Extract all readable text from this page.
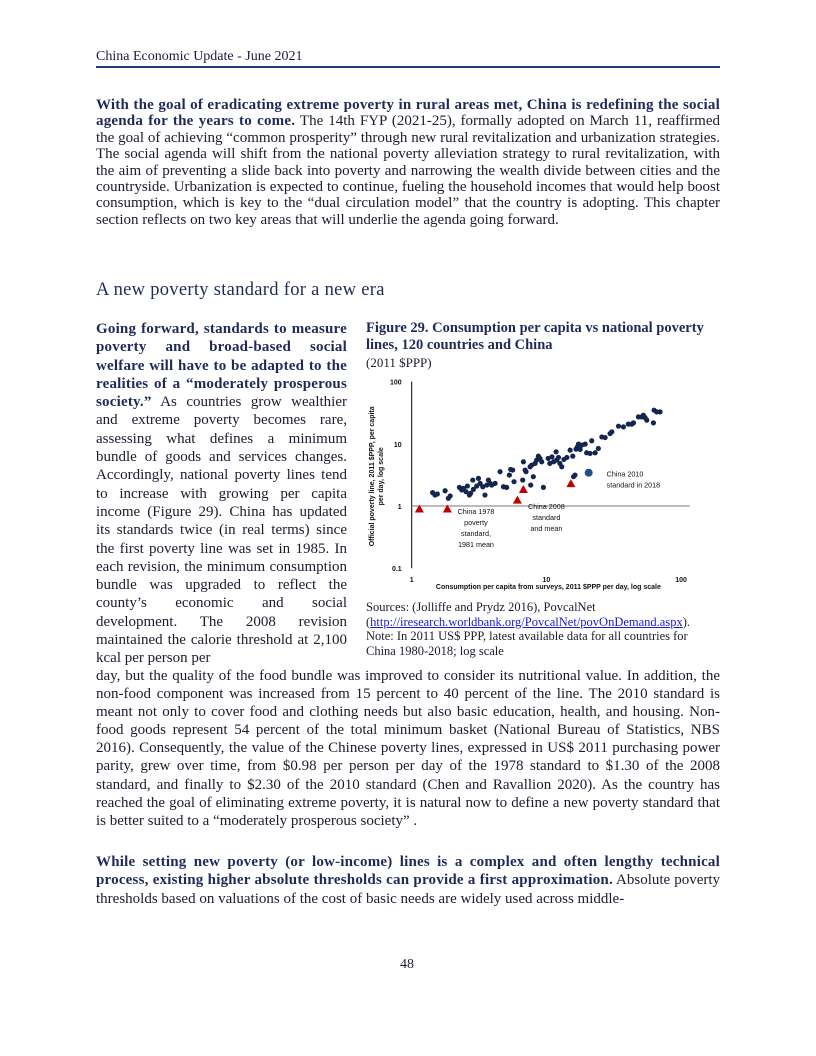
China Economic Update - June 2021
With the goal of eradicating extreme poverty in rural areas met, China is redefining the social agenda for the years to come. The 14th FYP (2021-25), formally adopted on March 11, reaffirmed the goal of achieving “common prosperity” through new rural revitalization and urbanization strategies. The social agenda will shift from the national poverty alleviation strategy to rural revitalization, with the aim of preventing a slide back into poverty and narrowing the wealth divide between cities and the countryside. Urbanization is expected to continue, fueling the household incomes that would help boost consumption, which is key to the “dual circulation model” that the country is adopting. This chapter section reflects on two key areas that will underlie the agenda going forward.
A new poverty standard for a new era
Going forward, standards to measure poverty and broad-based social welfare will have to be adapted to the realities of a “moderately prosperous society.” As countries grow wealthier and extreme poverty becomes rare, assessing what defines a minimum bundle of goods and services changes. Accordingly, national poverty lines tend to increase with growing per capita income (Figure 29). China has updated its standards twice (in real terms) since the first poverty line was set in 1985. In each revision, the minimum consumption bundle was upgraded to reflect the county’s economic and social development. The 2008 revision maintained the calorie threshold at 2,100 kcal per person per
Figure 29. Consumption per capita vs national poverty lines, 120 countries and China
(2011 $PPP)
0.1
1
10
100
1	10	100
Consumption per capita from surveys, 2011 $PPP per day, log scale
Official poverty line, 2011 $PPP, per capita per day, log scale
China 1978 poverty standard, 1981 mean
China 2008 standard and mean
China 2010 standard in 2018
Sources: (Jolliffe and Prydz 2016), PovcalNet
(http://iresearch.worldbank.org/PovcalNet/povOnDemand.aspx).
Note: In 2011 US$ PPP, latest available data for all countries for China 1980-2018; log scale
day, but the quality of the food bundle was improved to consider its nutritional value. In addition, the non-food component was increased from 15 percent to 40 percent of the line. The 2010 standard is meant not only to cover food and clothing needs but also basic education, health, and housing. Non-food goods represent 54 percent of the total minimum basket (National Bureau of Statistics, NBS 2016). Consequently, the value of the Chinese poverty lines, expressed in US$ 2011 purchasing power parity, grew over time, from $0.98 per person per day of the 1978 standard to $1.30 of the 2008 standard, and finally to $2.30 of the 2010 standard (Chen and Ravallion 2020). As the country has reached the goal of eliminating extreme poverty, it is natural now to define a new poverty standard that is better suited to a “moderately prosperous society” .
While setting new poverty (or low-income) lines is a complex and often lengthy technical process, existing higher absolute thresholds can provide a first approximation. Absolute poverty thresholds based on valuations of the cost of basic needs are widely used across middle-
48
